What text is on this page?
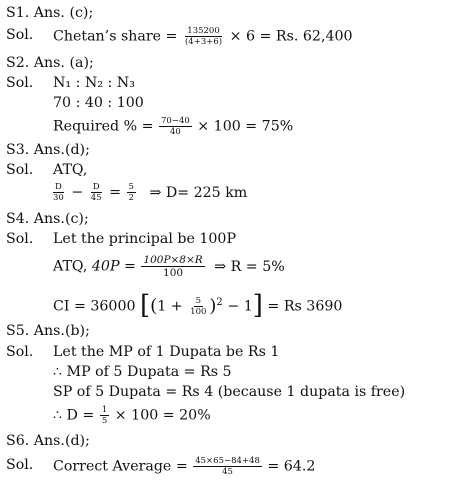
S1. Ans. (c);
Sol. Chetan’s share = $\frac{135200}{(4+3+6)} \times 6 = Rs$. 62,400
S2. Ans. (a);
Sol. N₁ : N₂ : N₃
70 : 40 : 100
Required % = $\frac{70-40}{40} \times 100 = 75\%$
S3. Ans.(d);
Sol. ATQ,
$\frac{D}{30} - \frac{D}{45} = \frac{5}{2}$ ⇒ D= 225 km
S4. Ans.(c);
Sol. Let the principal be 100P
ATQ, $40P = \frac{100P\times 8\times R}{100}$ ⇒ R = 5%
CI = 36000 $[(1 + \frac{5}{100} )^2 - 1] = Rs$ 3690
S5. Ans.(b);
Sol. Let the MP of 1 Dupata be Rs 1
∴ MP of 5 Dupata = Rs 5
SP of 5 Dupata = Rs 4 (because 1 dupata is free)
∴ $D = \frac{1}{5} \times 100 = 20\%$
S6. Ans.(d);
Sol. Correct Average = $\frac{45\times 65-84+48}{45} = 64.2$
